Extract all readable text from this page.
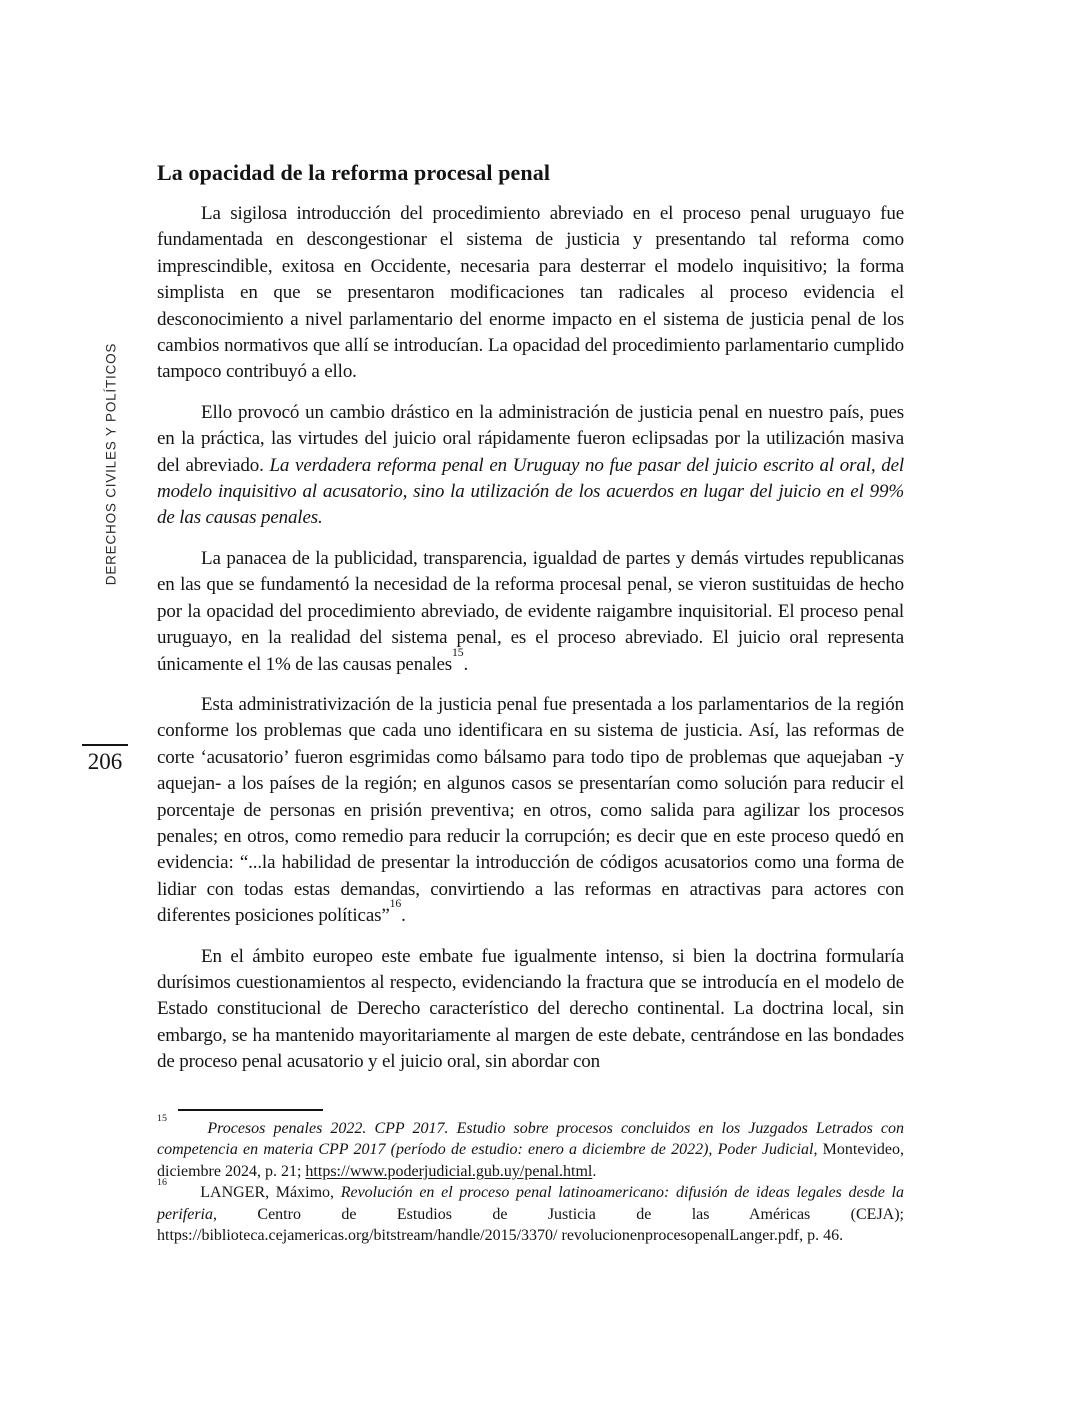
DERECHOS CIVILES Y POLÍTICOS
206
La opacidad de la reforma procesal penal

La sigilosa introducción del procedimiento abreviado en el proceso penal uruguayo fue fundamentada en descongestionar el sistema de justicia y presentando tal reforma como imprescindible, exitosa en Occidente, necesaria para desterrar el modelo inquisitivo; la forma simplista en que se presentaron modificaciones tan radicales al proceso evidencia el desconocimiento a nivel parlamentario del enorme impacto en el sistema de justicia penal de los cambios normativos que allí se introducían. La opacidad del procedimiento parlamentario cumplido tampoco contribuyó a ello.

Ello provocó un cambio drástico en la administración de justicia penal en nuestro país, pues en la práctica, las virtudes del juicio oral rápidamente fueron eclipsadas por la utilización masiva del abreviado. La verdadera reforma penal en Uruguay no fue pasar del juicio escrito al oral, del modelo inquisitivo al acusatorio, sino la utilización de los acuerdos en lugar del juicio en el 99% de las causas penales.

La panacea de la publicidad, transparencia, igualdad de partes y demás virtudes republicanas en las que se fundamentó la necesidad de la reforma procesal penal, se vieron sustituidas de hecho por la opacidad del procedimiento abreviado, de evidente raigambre inquisitorial. El proceso penal uruguayo, en la realidad del sistema penal, es el proceso abreviado. El juicio oral representa únicamente el 1% de las causas penales$^{15}$.

Esta administrativización de la justicia penal fue presentada a los parlamentarios de la región conforme los problemas que cada uno identificara en su sistema de justicia. Así, las reformas de corte ‘acusatorio’ fueron esgrimidas como bálsamo para todo tipo de problemas que aquejaban -y aquejan- a los países de la región; en algunos casos se presentarían como solución para reducir el porcentaje de personas en prisión preventiva; en otros, como salida para agilizar los procesos penales; en otros, como remedio para reducir la corrupción; es decir que en este proceso quedó en evidencia: “...la habilidad de presentar la introducción de códigos acusatorios como una forma de lidiar con todas estas demandas, convirtiendo a las reformas en atractivas para actores con diferentes posiciones políticas”$^{16}$.

En el ámbito europeo este embate fue igualmente intenso, si bien la doctrina formularía durísimos cuestionamientos al respecto, evidenciando la fractura que se introducía en el modelo de Estado constitucional de Derecho característico del derecho continental. La doctrina local, sin embargo, se ha mantenido mayoritariamente al margen de este debate, centrándose en las bondades de proceso penal acusatorio y el juicio oral, sin abordar con

$^{15}$     Procesos penales 2022. CPP 2017. Estudio sobre procesos concluidos en los Juzgados Letrados con competencia en materia CPP 2017 (período de estudio: enero a diciembre de 2022), Poder Judicial, Montevideo, diciembre 2024, p. 21; https://www.poderjudicial.gub.uy/penal.html.

$^{16}$     LANGER, Máximo, Revolución en el proceso penal latinoamericano: difusión de ideas legales desde la periferia, Centro de Estudios de Justicia de las Américas (CEJA); https://biblioteca.cejamericas.org/bitstream/handle/2015/3370/ revolucionenprocesopenalLanger.pdf, p. 46.
